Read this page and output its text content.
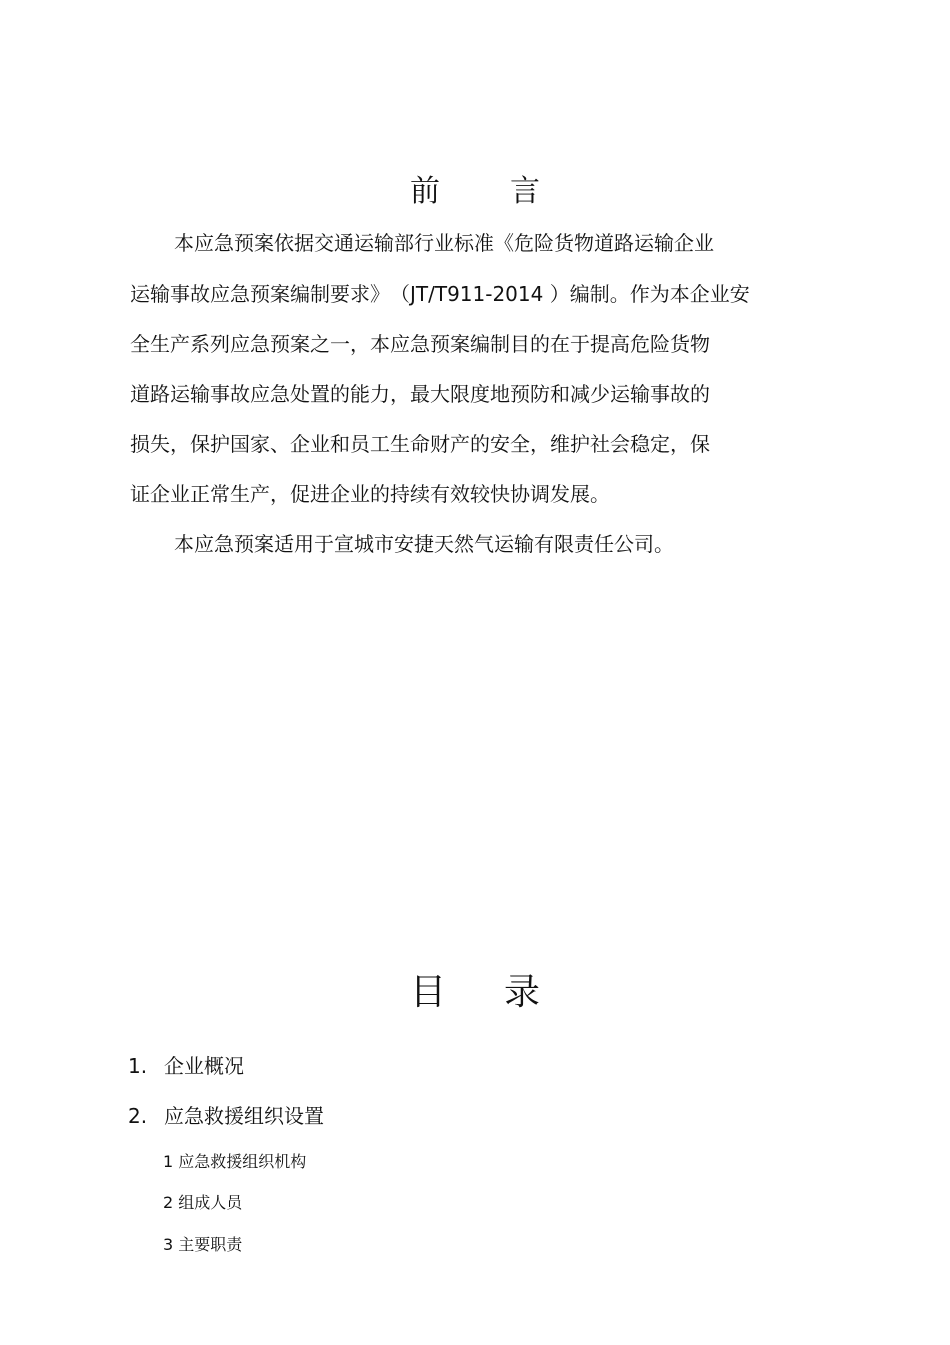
前 言

本应急预案依据交通运输部行业标准《危险货物道路运输企业

运输事故应急预案编制要求》　（JT/T911-2014 ）编制。作为本企业安

全生产系列应急预案之一，本应急预案编制目的在于提高危险货物

道路运输事故应急处置的能力，最大限度地预防和减少运输事故的

损失，保护国家、企业和员工生命财产的安全，维护社会稳定，保

证企业正常生产，促进企业的持续有效较快协调发展。

本应急预案适用于宣城市安捷天然气运输有限责任公司。

目 录
1. 企业概况
2. 应急救援组织设置
1 应急救援组织机构
2 组成人员
3 主要职责
